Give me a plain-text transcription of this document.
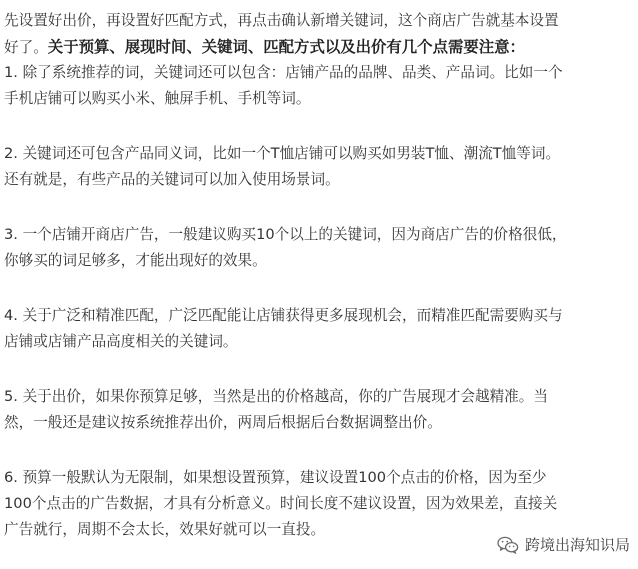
先设置好出价，再设置好匹配方式，再点击确认新增关键词，这个商店广告就基本设置
好了。关于预算、展现时间、关键词、匹配方式以及出价有几个点需要注意：
1. 除了系统推荐的词，关键词还可以包含：店铺产品的品牌、品类、产品词。比如一个
手机店铺可以购买小米、触屏手机、手机等词。
2. 关键词还可包含产品同义词，比如一个T恤店铺可以购买如男装T恤、潮流T恤等词。
还有就是，有些产品的关键词可以加入使用场景词。
3. 一个店铺开商店广告，一般建议购买10个以上的关键词，因为商店广告的价格很低，
你够买的词足够多，才能出现好的效果。
4. 关于广泛和精准匹配，广泛匹配能让店铺获得更多展现机会，而精准匹配需要购买与
店铺或店铺产品高度相关的关键词。
5. 关于出价，如果你预算足够，当然是出的价格越高，你的广告展现才会越精准。当
然，一般还是建议按系统推荐出价，两周后根据后台数据调整出价。
6. 预算一般默认为无限制，如果想设置预算，建议设置100个点击的价格，因为至少
100个点击的广告数据，才具有分析意义。时间长度不建议设置，因为效果差，直接关
广告就行，周期不会太长，效果好就可以一直投。
跨境出海知识局
